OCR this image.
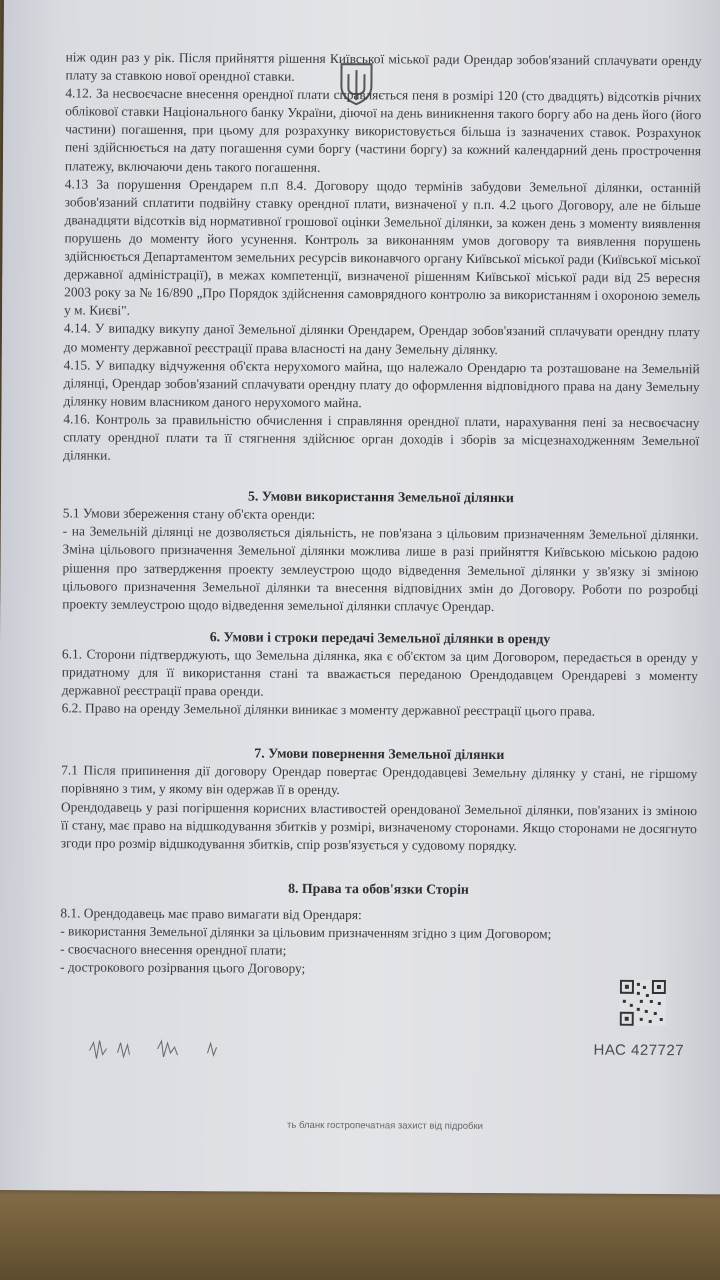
ніж один раз у рік. Після прийняття рішення Київської міської ради Орендар зобов'язаний сплачувати оренду плату за ставкою нової орендної ставки.

4.12. За несвоєчасне внесення орендної плати справляється пеня в розмірі 120 (сто двадцять) відсотків річних облікової ставки Національного банку України, діючої на день виникнення такого боргу або на день його (його частини) погашення, при цьому для розрахунку використовується більша із зазначених ставок. Розрахунок пені здійснюється на дату погашення суми боргу (частини боргу) за кожний календарний день прострочення платежу, включаючи день такого погашення.

4.13 За порушення Орендарем п.п 8.4. Договору щодо термінів забудови Земельної ділянки, останній зобов'язаний сплатити подвійну ставку орендної плати, визначеної у п.п. 4.2 цього Договору, але не більше дванадцяти відсотків від нормативної грошової оцінки Земельної ділянки, за кожен день з моменту виявлення порушень до моменту його усунення. Контроль за виконанням умов договору та виявлення порушень здійснюється Департаментом земельних ресурсів виконавчого органу Київської міської ради (Київської міської державної адміністрації), в межах компетенції, визначеної рішенням Київської міської ради від 25 вересня 2003 року за № 16/890 „Про Порядок здійснення самоврядного контролю за використанням і охороною земель у м. Києві".

4.14. У випадку викупу даної Земельної ділянки Орендарем, Орендар зобов'язаний сплачувати орендну плату до моменту державної реєстрації права власності на дану Земельну ділянку.

4.15. У випадку відчуження об'єкта нерухомого майна, що належало Орендарю та розташоване на Земельній ділянці, Орендар зобов'язаний сплачувати орендну плату до оформлення відповідного права на дану Земельну ділянку новим власником даного нерухомого майна.

4.16. Контроль за правильністю обчислення і справляння орендної плати, нарахування пені за несвоєчасну сплату орендної плати та її стягнення здійснює орган доходів і зборів за місцезнаходженням Земельної ділянки.

5. Умови використання Земельної ділянки

5.1 Умови збереження стану об'єкта оренди:

- на Земельній ділянці не дозволяється діяльність, не пов'язана з цільовим призначенням Земельної ділянки. Зміна цільового призначення Земельної ділянки можлива лише в разі прийняття Київською міською радою рішення про затвердження проекту землеустрою щодо відведення Земельної ділянки у зв'язку зі зміною цільового призначення Земельної ділянки та внесення відповідних змін до Договору. Роботи по розробці проекту землеустрою щодо відведення земельної ділянки сплачує Орендар.

6. Умови і строки передачі Земельної ділянки в оренду

6.1. Сторони підтверджують, що Земельна ділянка, яка є об'єктом за цим Договором, передається в оренду у придатному для її використання стані та вважається переданою Орендодавцем Орендареві з моменту державної реєстрації права оренди.

6.2. Право на оренду Земельної ділянки виникає з моменту державної реєстрації цього права.

7. Умови повернення Земельної ділянки

7.1 Після припинення дії договору Орендар повертає Орендодавцеві Земельну ділянку у стані, не гіршому порівняно з тим, у якому він одержав її в оренду.

Орендодавець у разі погіршення корисних властивостей орендованої Земельної ділянки, пов'язаних із зміною її стану, має право на відшкодування збитків у розмірі, визначеному сторонами. Якщо сторонами не досягнуто згоди про розмір відшкодування збитків, спір розв'язується у судовому порядку.

8. Права та обов'язки Сторін

8.1. Орендодавець має право вимагати від Орендаря:

- використання Земельної ділянки за цільовим призначенням згідно з цим Договором;

- своєчасного внесення орендної плати;

- дострокового розірвання цього Договору;

НАС 427727
ть бланк гостропечатная захист від підробки
